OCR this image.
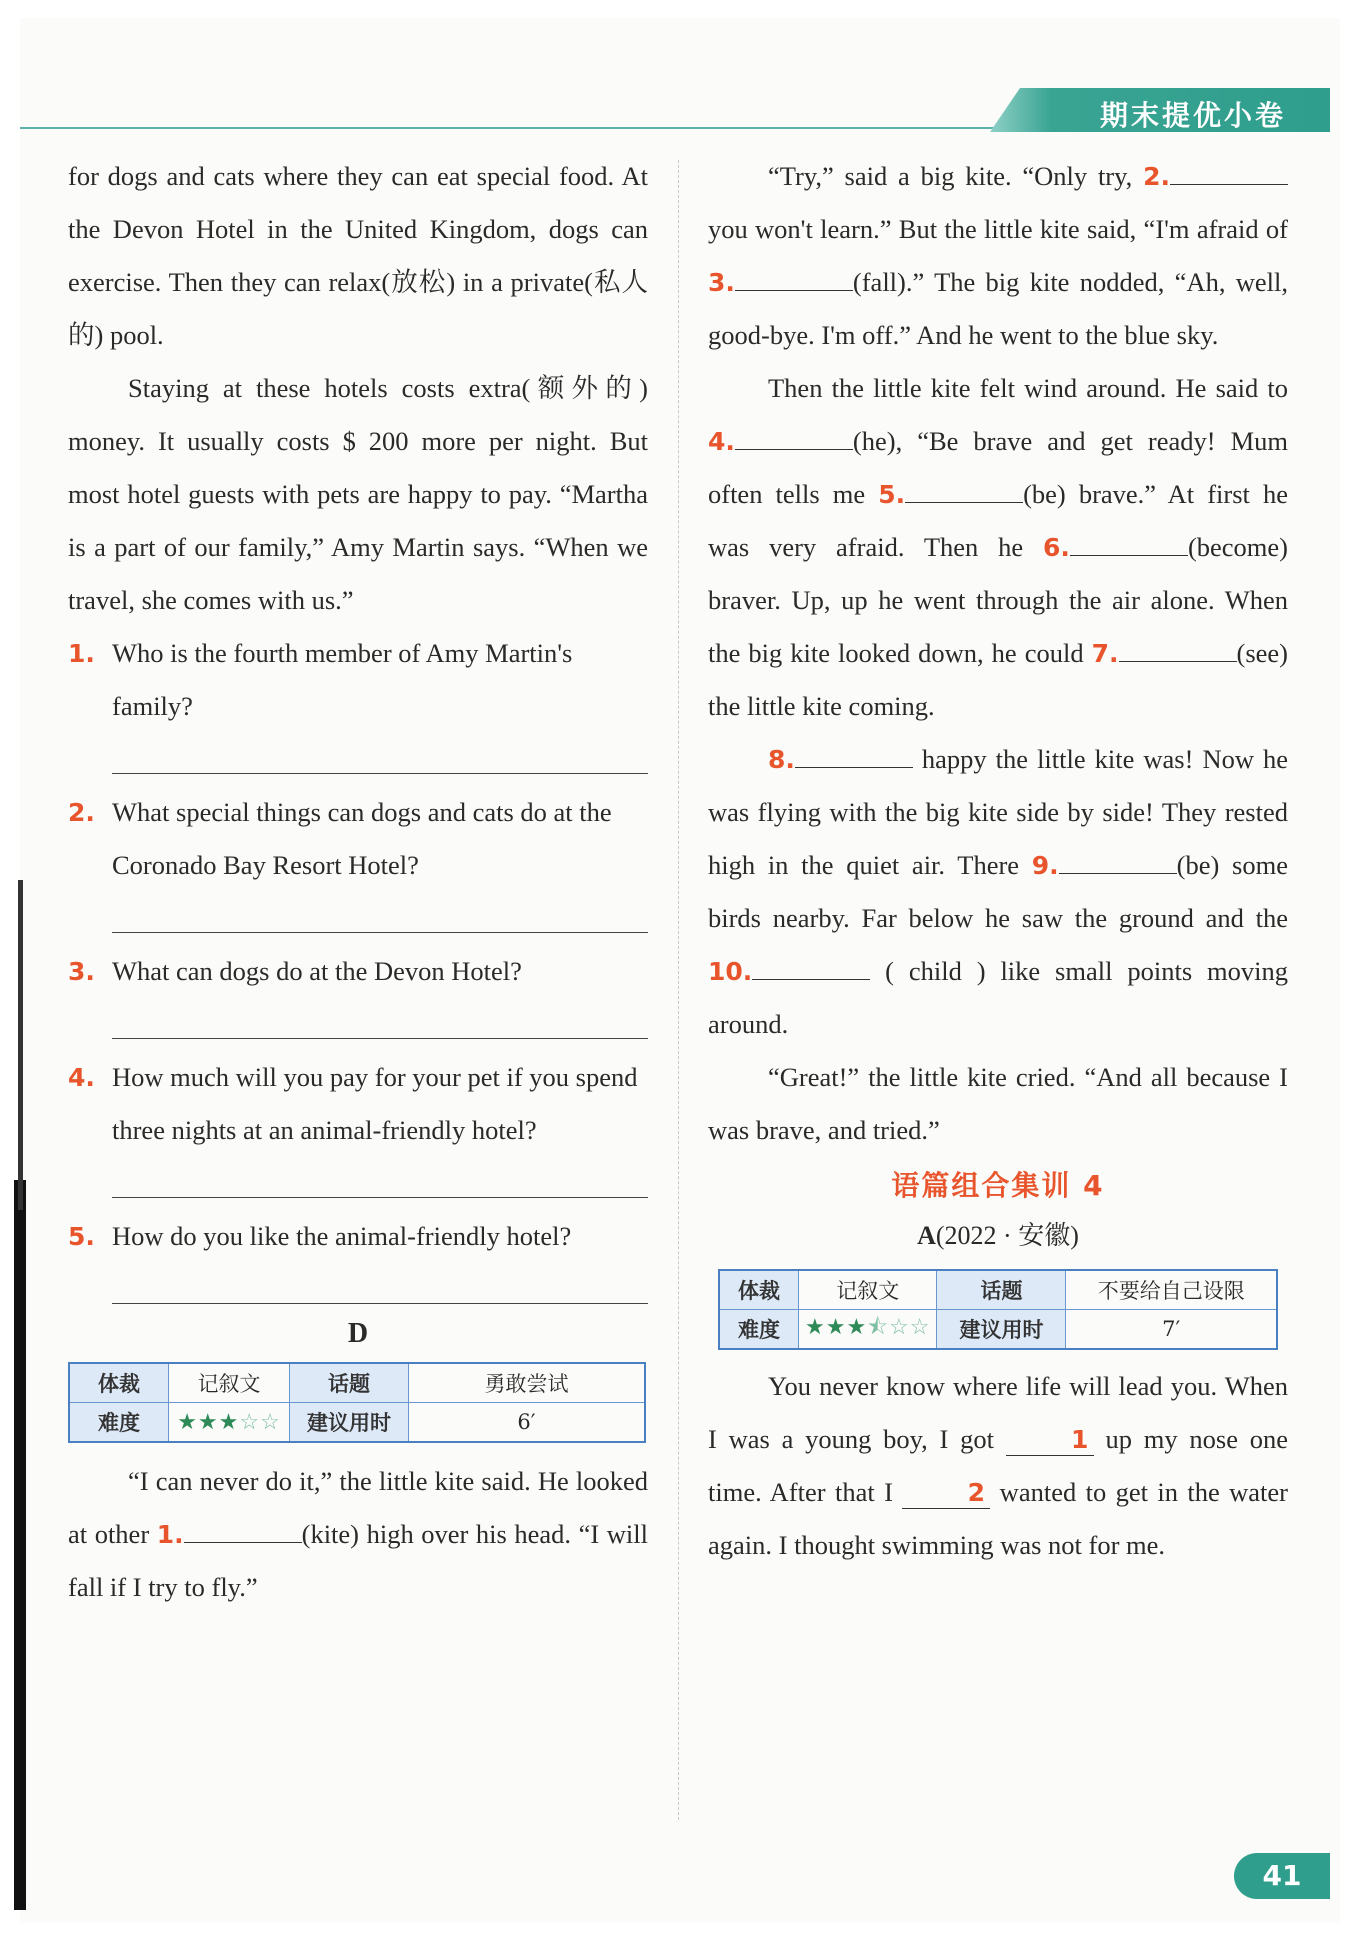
期末提优小卷

for dogs and cats where they can eat special food. At the Devon Hotel in the United Kingdom, dogs can exercise. Then they can relax(放松) in a private(私人的) pool.

Staying at these hotels costs extra(额外的) money. It usually costs $ 200 more per night. But most hotel guests with pets are happy to pay. “Martha is a part of our family,” Amy Martin says. “When we travel, she comes with us.”

1. Who is the fourth member of Amy Martin's family?
2. What special things can dogs and cats do at the Coronado Bay Resort Hotel?
3. What can dogs do at the Devon Hotel?
4. How much will you pay for your pet if you spend three nights at an animal-friendly hotel?
5. How do you like the animal-friendly hotel?
D
体裁	记叙文	话题	勇敢尝试
难度	★★★☆☆	建议用时	6′

“I can never do it,” the little kite said. He looked at other 1.	(kite) high over his head. “I will fall if I try to fly.”

“Try,” said a big kite. “Only try, 2. you won't learn.” But the little kite said, “I'm afraid of 3.	(fall).” The big kite nodded, “Ah, well, good-bye. I'm off.” And he went to the blue sky.

Then the little kite felt wind around. He said to 4.	(he), “Be brave and get ready! Mum often tells me 5.	(be) brave.” At first he was very afraid. Then he 6.	(become) braver. Up, up he went through the air alone. When the big kite looked down, he could 7.	(see) the little kite coming.

8.	happy the little kite was! Now he was flying with the big kite side by side! They rested high in the quiet air. There 9.	(be) some birds nearby. Far below he saw the ground and the 10.	( child ) like small points moving around.

“Great!” the little kite cried. “And all because I was brave, and tried.”

语篇组合集训 4
A(2022 · 安徽)
体裁	记叙文	话题	不要给自己设限
难度	★★★⯪☆☆	建议用时	7′

You never know where life will lead you. When I was a young boy, I got	1 up my nose one time. After that I	2 wanted to get in the water again. I thought swimming was not for me.

41
